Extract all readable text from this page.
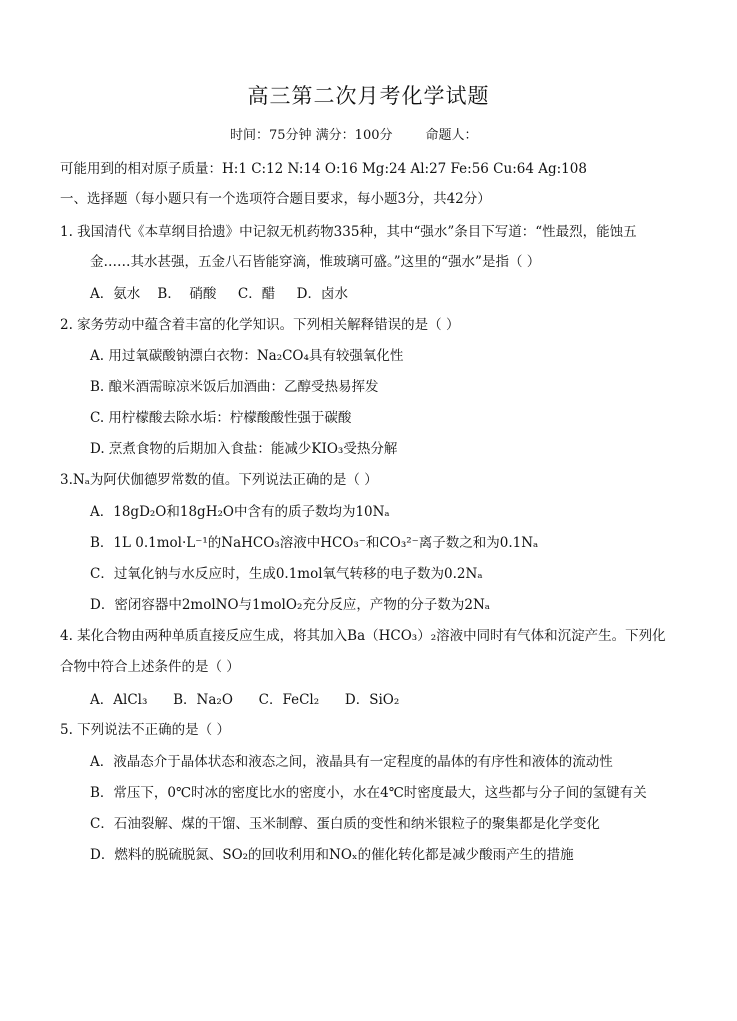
高三第二次月考化学试题
时间：75分钟 满分：100分        命题人：
可能用到的相对原子质量：H:1 C:12 N:14 O:16 Mg:24 Al:27 Fe:56 Cu:64 Ag:108
一、选择题（每小题只有一个选项符合题目要求，每小题3分，共42分）
1. 我国清代《本草纲目拾遗》中记叙无机药物335种，其中“强水”条目下写道：“性最烈，能蚀五
金……其水甚强，五金八石皆能穿滴，惟玻璃可盛。”这里的“强水”是指（ ）
A．氨水    B．  硝酸     C．醋     D．卤水
2. 家务劳动中蕴含着丰富的化学知识。下列相关解释错误的是（ ）
A. 用过氧碳酸钠漂白衣物：Na₂CO₄具有较强氧化性
B. 酿米酒需晾凉米饭后加酒曲：乙醇受热易挥发
C. 用柠檬酸去除水垢：柠檬酸酸性强于碳酸
D. 烹煮食物的后期加入食盐：能减少KIO₃受热分解
3.Nₐ为阿伏伽德罗常数的值。下列说法正确的是（ ）
A．18gD₂O和18gH₂O中含有的质子数均为10Nₐ
B．1L 0.1mol·L⁻¹的NaHCO₃溶液中HCO₃⁻和CO₃²⁻离子数之和为0.1Nₐ
C．过氧化钠与水反应时，生成0.1mol氧气转移的电子数为0.2Nₐ
D．密闭容器中2molNO与1molO₂充分反应，产物的分子数为2Nₐ
4. 某化合物由两种单质直接反应生成，将其加入Ba（HCO₃）₂溶液中同时有气体和沉淀产生。下列化
合物中符合上述条件的是（ ）
A．AlCl₃      B．Na₂O      C．FeCl₂      D．SiO₂
5. 下列说法不正确的是（ ）
A．液晶态介于晶体状态和液态之间，液晶具有一定程度的晶体的有序性和液体的流动性
B．常压下，0℃时冰的密度比水的密度小，水在4℃时密度最大，这些都与分子间的氢键有关
C．石油裂解、煤的干馏、玉米制醇、蛋白质的变性和纳米银粒子的聚集都是化学变化
D．燃料的脱硫脱氮、SO₂的回收利用和NOₓ的催化转化都是减少酸雨产生的措施
